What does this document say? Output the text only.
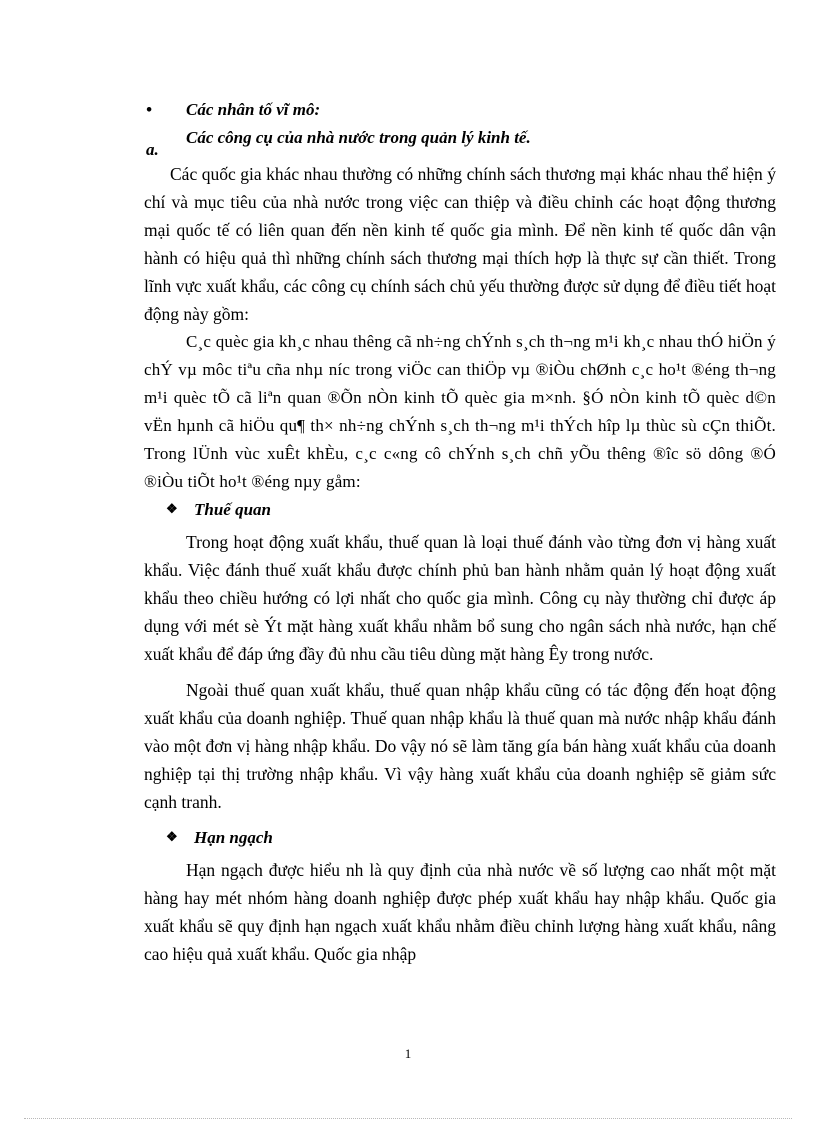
• Các nhân tố vĩ mô:
a.
Các công cụ của nhà nước trong quản lý kinh tế.

Các quốc gia khác nhau thường có những chính sách thương mại khác nhau thể hiện ý chí và mục tiêu của nhà nước trong việc can thiệp và điều chỉnh các hoạt động thương mại quốc tế có liên quan đến nền kinh tế quốc gia mình. Để nền kinh tế quốc dân vận hành có hiệu quả thì những chính sách thương mại thích hợp là thực sự cần thiết. Trong lĩnh vực xuất khẩu, các công cụ chính sách chủ yếu thường được sử dụng để điều tiết hoạt động này gồm:

C¸c quèc gia kh¸c nhau thêng cã nh÷ng chÝnh s¸ch th¬ng m¹i kh¸c nhau thÓ hiÖn ý chÝ vµ môc tiªu cña nhµ níc trong viÖc can thiÖp vµ ®iÒu chØnh c¸c ho¹t ®éng th¬ng m¹i quèc tÕ cã liªn quan ®Õn nÒn kinh tÕ quèc gia m×nh. §Ó nÒn kinh tÕ quèc d©n vËn hµnh cã hiÖu qu¶ th× nh÷ng chÝnh s¸ch th¬ng m¹i thÝch hîp lµ thùc sù cÇn thiÕt. Trong lÜnh vùc xuÊt khÈu, c¸c c«ng cô chÝnh s¸ch chñ yÕu thêng ®îc sö dông ®Ó ®iÒu tiÕt ho¹t ®éng nµy gåm:

❖ Thuế quan

Trong hoạt động xuất khẩu, thuế quan là loại thuế đánh vào từng đơn vị hàng xuất khẩu. Việc đánh thuế xuất khẩu được chính phủ ban hành nhằm quản lý hoạt động xuất khẩu theo chiều hướng có lợi nhất cho quốc gia mình. Công cụ này thường chỉ được áp dụng với mét sè Ýt mặt hàng xuất khẩu nhằm bổ sung cho ngân sách nhà nước, hạn chế xuất khẩu để đáp ứng đầy đủ nhu cầu tiêu dùng mặt hàng Êy trong nước.

Ngoài thuế quan xuất khẩu, thuế quan nhập khẩu cũng có tác động đến hoạt động xuất khẩu của doanh nghiệp. Thuế quan nhập khẩu là thuế quan mà nước nhập khẩu đánh vào một đơn vị hàng nhập khẩu. Do vậy nó sẽ làm tăng gía bán hàng xuất khẩu của doanh nghiệp tại thị trường nhập khẩu. Vì vậy hàng xuất khẩu của doanh nghiệp sẽ giảm sức cạnh tranh.

❖ Hạn ngạch

Hạn ngạch được hiểu nh là quy định của nhà nước về số lượng cao nhất một mặt hàng hay mét nhóm hàng doanh nghiệp được phép xuất khẩu hay nhập khẩu. Quốc gia xuất khẩu sẽ quy định hạn ngạch xuất khẩu nhằm điều chỉnh lượng hàng xuất khẩu, nâng cao hiệu quả xuất khẩu. Quốc gia nhập

1
